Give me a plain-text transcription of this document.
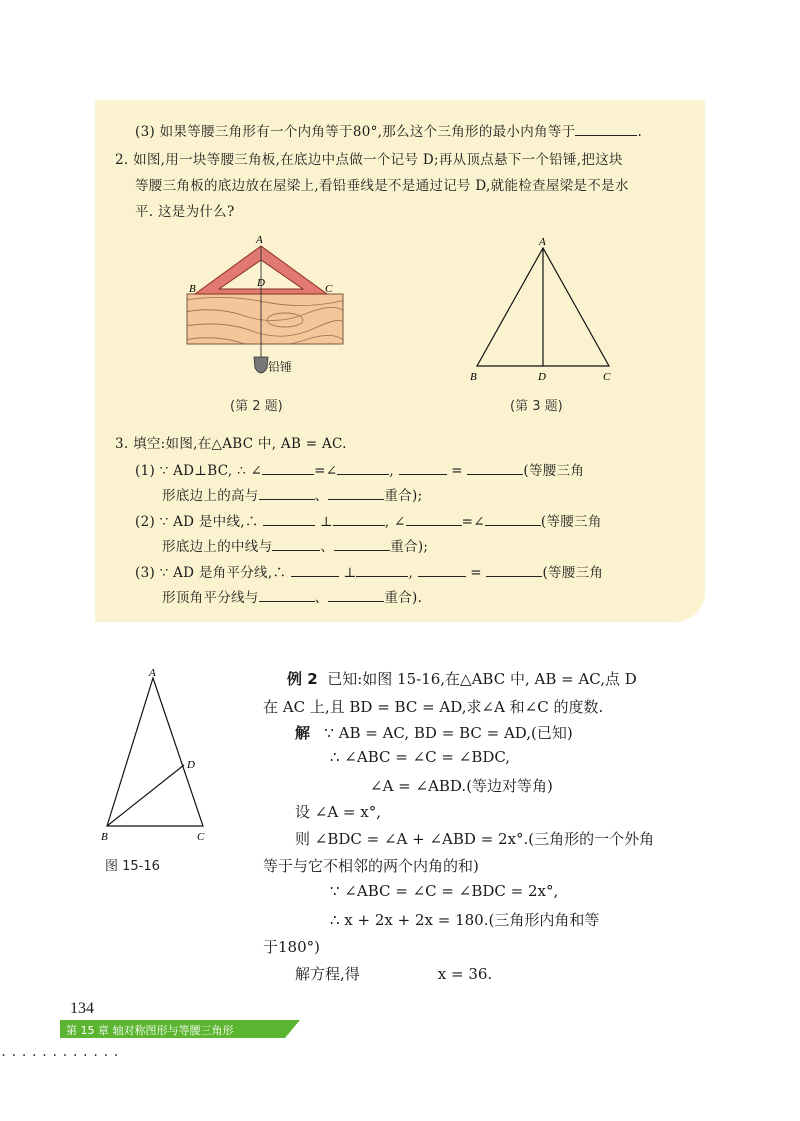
(3) 如果等腰三角形有一个内角等于80°,那么这个三角形的最小内角等于	.
2. 如图,用一块等腰三角板,在底边中点做一个记号 D;再从顶点悬下一个铅锤,把这块
等腰三角板的底边放在屋梁上,看铅垂线是不是通过记号 D,就能检查屋梁是不是水
平. 这是为什么?
A
B	C
D
铅锤
(第 2 题)
A
B	C
D
(第 3 题)
3. 填空:如图,在△ABC 中, AB = AC.
(1) ∵ AD⊥BC, ∴ ∠	=∠	,	=	(等腰三角
形底边上的高与	、	重合);
(2) ∵ AD 是中线,∴	⊥	, ∠	=∠	(等腰三角
形底边上的中线与	、	重合);
(3) ∵ AD 是角平分线,∴	⊥	,	=	(等腰三角
形顶角平分线与	、	重合).
A
B	C
D
图 15-16
例 2 已知:如图 15-16,在△ABC 中, AB = AC,点 D
在 AC 上,且 BD = BC = AD,求∠A 和∠C 的度数.
解 ∵ AB = AC, BD = BC = AD,(已知)
∴ ∠ABC = ∠C = ∠BDC,
∠A = ∠ABD.(等边对等角)
设 ∠A = x°,
则 ∠BDC = ∠A + ∠ABD = 2x°.(三角形的一个外角
等于与它不相邻的两个内角的和)
∵ ∠ABC = ∠C = ∠BDC = 2x°,
∴ x + 2x + 2x = 180.(三角形内角和等
于180°)
解方程,得	x = 36.
134
第 15 章 轴对称图形与等腰三角形
............
